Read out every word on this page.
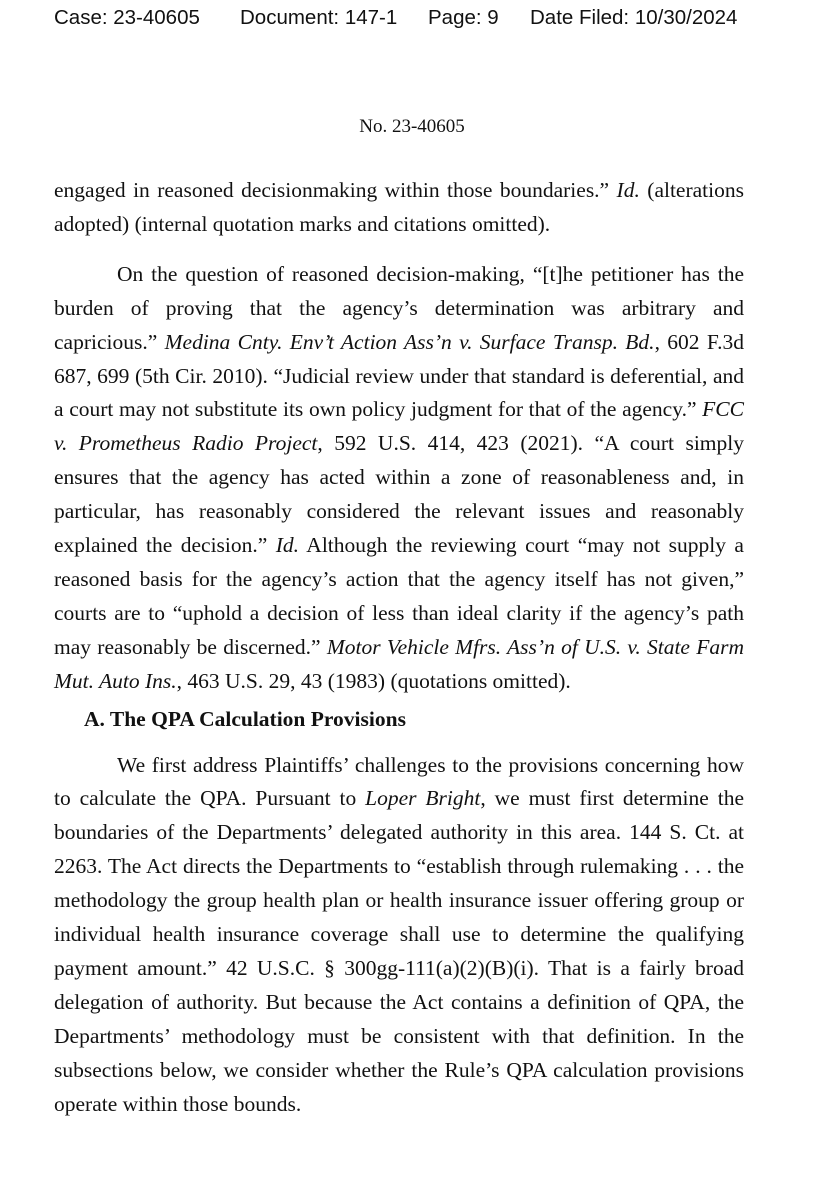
Case: 23-40605 Document: 147-1 Page: 9 Date Filed: 10/30/2024
No. 23-40605

engaged in reasoned decisionmaking within those boundaries.” Id. (alterations adopted) (internal quotation marks and citations omitted).

On the question of reasoned decision-making, “[t]he petitioner has the burden of proving that the agency’s determination was arbitrary and capricious.” Medina Cnty. Env’t Action Ass’n v. Surface Transp. Bd., 602 F.3d 687, 699 (5th Cir. 2010). “Judicial review under that standard is deferential, and a court may not substitute its own policy judgment for that of the agency.” FCC v. Prometheus Radio Project, 592 U.S. 414, 423 (2021). “A court simply ensures that the agency has acted within a zone of reasonableness and, in particular, has reasonably considered the relevant issues and reasonably explained the decision.” Id. Although the reviewing court “may not supply a reasoned basis for the agency’s action that the agency itself has not given,” courts are to “uphold a decision of less than ideal clarity if the agency’s path may reasonably be discerned.” Motor Vehicle Mfrs. Ass’n of U.S. v. State Farm Mut. Auto Ins., 463 U.S. 29, 43 (1983) (quotations omitted).

A. The QPA Calculation Provisions

We first address Plaintiffs’ challenges to the provisions concerning how to calculate the QPA. Pursuant to Loper Bright, we must first determine the boundaries of the Departments’ delegated authority in this area. 144 S. Ct. at 2263. The Act directs the Departments to “establish through rulemaking . . . the methodology the group health plan or health insurance issuer offering group or individual health insurance coverage shall use to determine the qualifying payment amount.” 42 U.S.C. § 300gg-111(a)(2)(B)(i). That is a fairly broad delegation of authority. But because the Act contains a definition of QPA, the Departments’ methodology must be consistent with that definition. In the subsections below, we consider whether the Rule’s QPA calculation provisions operate within those bounds.
